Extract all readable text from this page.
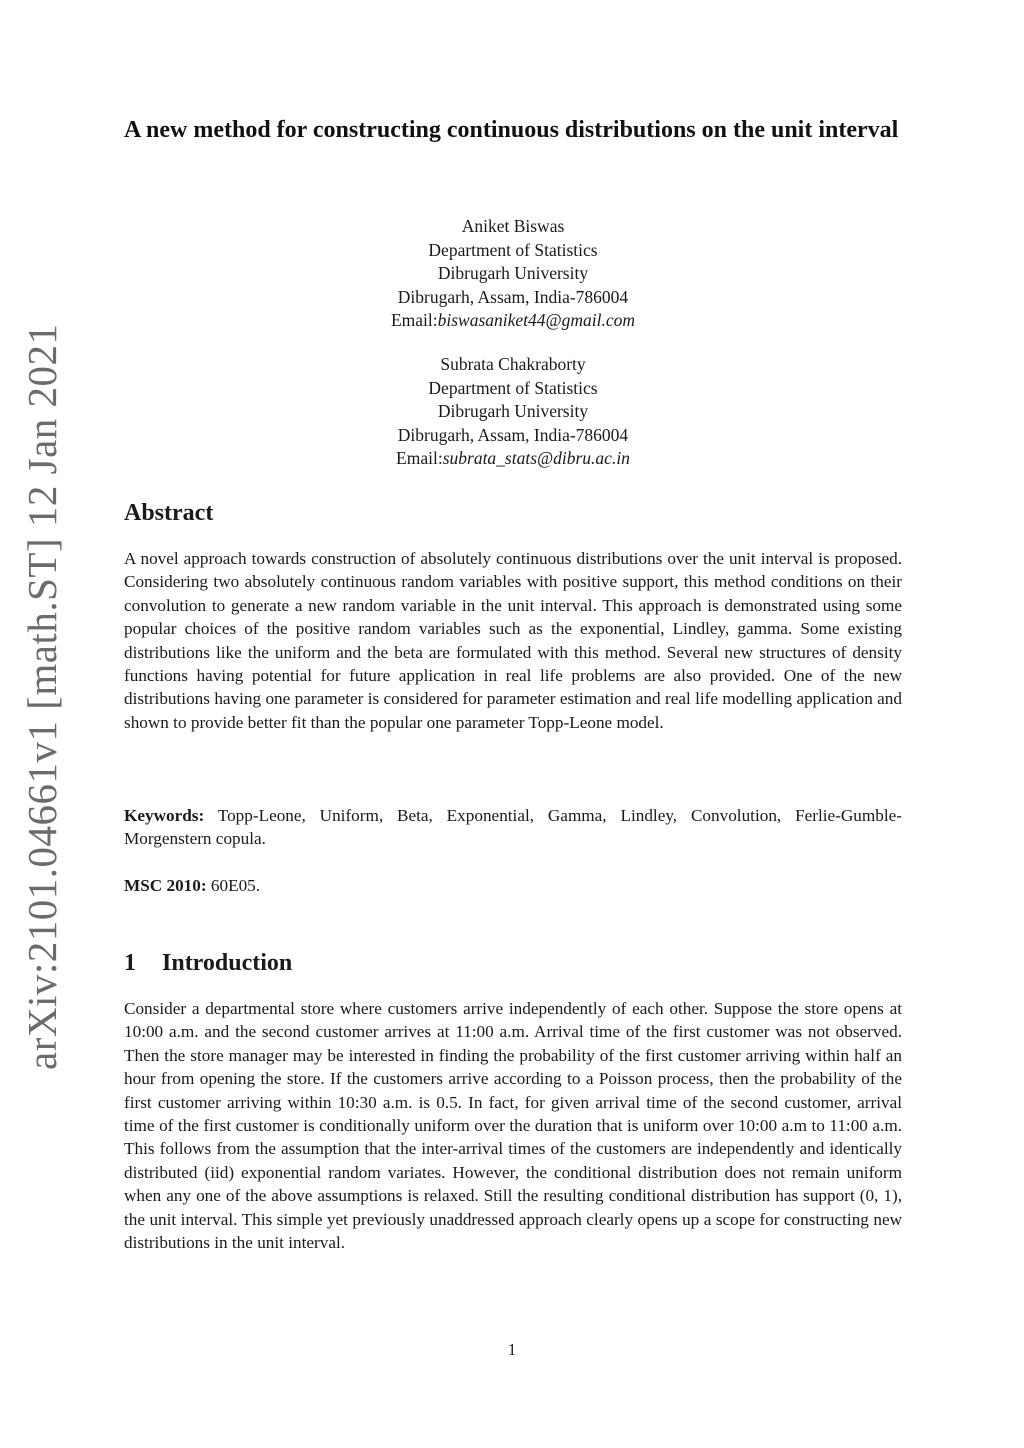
arXiv:2101.04661v1 [math.ST] 12 Jan 2021
A new method for constructing continuous distributions on the unit interval
Aniket Biswas
Department of Statistics
Dibrugarh University
Dibrugarh, Assam, India-786004
Email:biswasaniket44@gmail.com
Subrata Chakraborty
Department of Statistics
Dibrugarh University
Dibrugarh, Assam, India-786004
Email:subrata_stats@dibru.ac.in
Abstract

A novel approach towards construction of absolutely continuous distributions over the unit interval is proposed. Considering two absolutely continuous random variables with positive support, this method conditions on their convolution to generate a new random variable in the unit interval. This approach is demonstrated using some popular choices of the positive random variables such as the exponential, Lindley, gamma. Some existing distributions like the uniform and the beta are formulated with this method. Several new structures of density functions having potential for future application in real life problems are also provided. One of the new distributions having one parameter is considered for parameter estimation and real life modelling application and shown to provide better fit than the popular one parameter Topp-Leone model.

Keywords: Topp-Leone, Uniform, Beta, Exponential, Gamma, Lindley, Convolution, Ferlie-Gumble- Morgenstern copula.

MSC 2010: 60E05.

1 Introduction

Consider a departmental store where customers arrive independently of each other. Suppose the store opens at 10:00 a.m. and the second customer arrives at 11:00 a.m. Arrival time of the first customer was not observed. Then the store manager may be interested in finding the probability of the first customer arriving within half an hour from opening the store. If the customers arrive according to a Poisson process, then the probability of the first customer arriving within 10:30 a.m. is 0.5. In fact, for given arrival time of the second customer, arrival time of the first customer is conditionally uniform over the duration that is uniform over 10:00 a.m to 11:00 a.m. This follows from the assumption that the inter-arrival times of the customers are independently and identically distributed (iid) exponential random variates. However, the conditional distribution does not remain uniform when any one of the above assumptions is relaxed. Still the resulting conditional distribution has support (0, 1), the unit interval. This simple yet previously unaddressed approach clearly opens up a scope for constructing new distributions in the unit interval.

1
